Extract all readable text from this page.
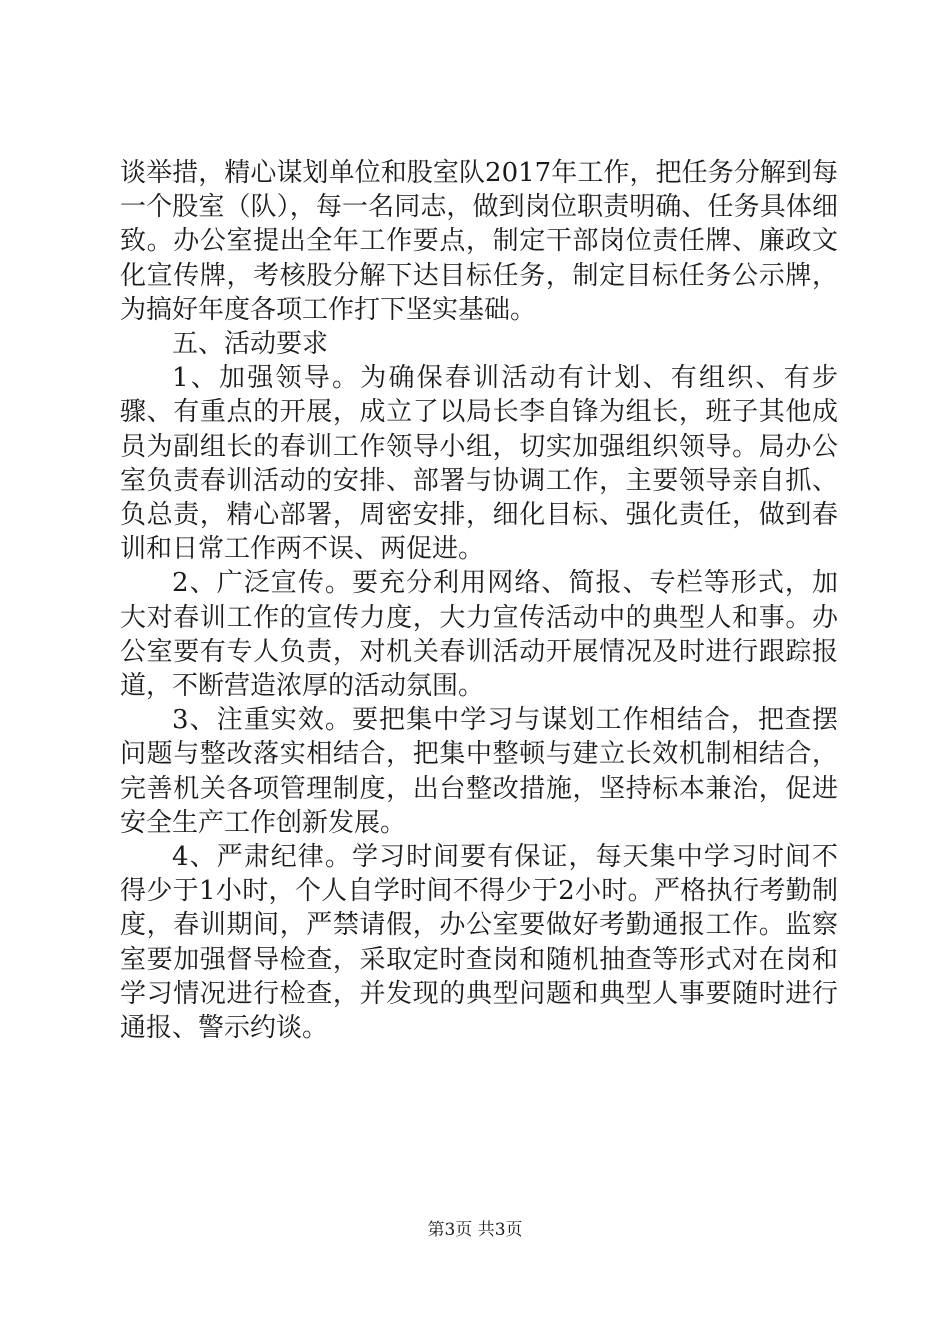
谈举措，精心谋划单位和股室队2017年工作，把任务分解到每一个股室（队），每一名同志，做到岗位职责明确、任务具体细致。办公室提出全年工作要点，制定干部岗位责任牌、廉政文化宣传牌，考核股分解下达目标任务，制定目标任务公示牌，为搞好年度各项工作打下坚实基础。

五、活动要求

1、加强领导。为确保春训活动有计划、有组织、有步骤、有重点的开展，成立了以局长李自锋为组长，班子其他成员为副组长的春训工作领导小组，切实加强组织领导。局办公室负责春训活动的安排、部署与协调工作，主要领导亲自抓、负总责，精心部署，周密安排，细化目标、强化责任，做到春训和日常工作两不误、两促进。

2、广泛宣传。要充分利用网络、简报、专栏等形式，加大对春训工作的宣传力度，大力宣传活动中的典型人和事。办公室要有专人负责，对机关春训活动开展情况及时进行跟踪报道，不断营造浓厚的活动氛围。

3、注重实效。要把集中学习与谋划工作相结合，把查摆问题与整改落实相结合，把集中整顿与建立长效机制相结合，完善机关各项管理制度，出台整改措施，坚持标本兼治，促进安全生产工作创新发展。

4、严肃纪律。学习时间要有保证，每天集中学习时间不得少于1小时，个人自学时间不得少于2小时。严格执行考勤制度，春训期间，严禁请假，办公室要做好考勤通报工作。监察室要加强督导检查，采取定时查岗和随机抽查等形式对在岗和学习情况进行检查，并发现的典型问题和典型人事要随时进行通报、警示约谈。

第3页 共3页
